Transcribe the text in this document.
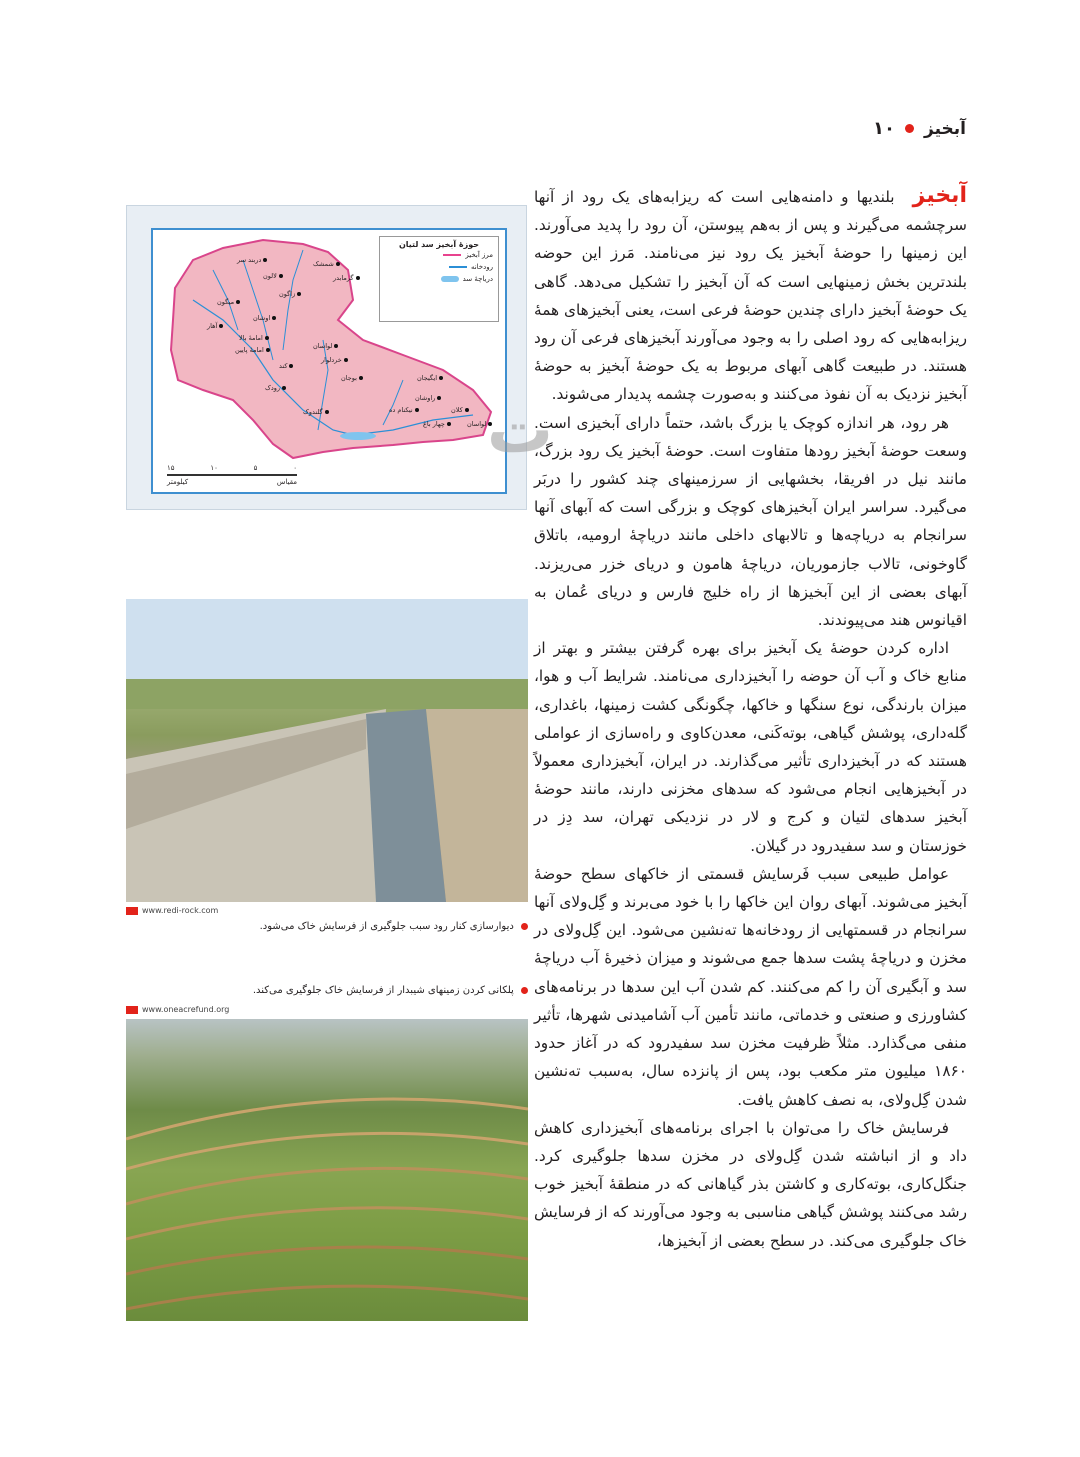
آبخیز
۱۰

آبخیز بلندیها و دامنه‌هایی است که ریزابه‌های یک رود از آنها سرچشمه می‌گیرند و پس از به‌هم پیوستن، آن رود را پدید می‌آورند. این زمینها را حوضهٔ آبخیز یک رود نیز می‌نامند. مَرز این حوضه بلندترین بخش زمینهایی است که آن آبخیز را تشکیل می‌دهد. گاهی یک حوضهٔ آبخیز دارای چندین حوضهٔ فرعی است، یعنی آبخیزهای همهٔ ریزابه‌هایی که رود اصلی را به وجود می‌آورند آبخیزهای فرعی آن رود هستند. در طبیعت گاهی آبهای مربوط به یک حوضهٔ آبخیز به حوضهٔ آبخیز نزدیک به آن نفوذ می‌کنند و به‌صورت چشمه پدیدار می‌شوند.

هر رود، هر اندازه کوچک یا بزرگ باشد، حتماً دارای آبخیزی است. وسعت حوضهٔ آبخیز رودها متفاوت است. حوضهٔ آبخیز یک رود بزرگ، مانند نیل در افریقا، بخشهایی از سرزمینهای چند کشور را دربَر می‌گیرد. سراسر ایران آبخیزهای کوچک و بزرگی است که آبهای آنها سرانجام به دریاچه‌ها و تالابهای داخلی مانند دریاچهٔ ارومیه، باتلاق گاوخونی، تالاب جازموریان، دریاچهٔ هامون و دریای خزر می‌ریزند. آبهای بعضی از این آبخیزها از راه خلیج فارس و دریای عُمان به اقیانوس هند می‌پیوندند.

اداره کردن حوضهٔ یک آبخیز برای بهره گرفتن بیشتر و بهتر از منابع خاک و آب آن حوضه را آبخیزداری می‌نامند. شرایط آب و هوا، میزان بارندگی، نوع سنگها و خاکها، چگونگی کشت زمینها، باغداری، گله‌داری، پوشش گیاهی، بوته‌کَنی، معدن‌کاوی و راه‌سازی از عواملی هستند که در آبخیزداری تأثیر می‌گذارند. در ایران، آبخیزداری معمولاً در آبخیزهایی انجام می‌شود که سدهای مخزنی دارند، مانند حوضهٔ آبخیز سدهای لتیان و کرج و لار در نزدیکی تهران، سد دِز در خوزستان و سد سفیدرود در گیلان.

عوامل طبیعی سبب فَرسایش قسمتی از خاکهای سطح حوضهٔ آبخیز می‌شوند. آبهای روان این خاکها را با خود می‌برند و گِل‌ولای آنها سرانجام در قسمتهایی از رودخانه‌ها ته‌نشین می‌شود. این گِل‌ولای در مخزن و دریاچهٔ پشت سدها جمع می‌شوند و میزان ذخیرهٔ آب دریاچهٔ سد و آبگیری آن را کم می‌کنند. کم شدن آب این سدها در برنامه‌های کشاورزی و صنعتی و خدماتی، مانند تأمین آب آشامیدنی شهرها، تأثیر منفی می‌گذارد. مثلاً ظرفیت مخزن سد سفیدرود که در آغاز حدود ۱۸۶۰ میلیون متر مکعب بود، پس از پانزده سال، به‌سبب ته‌نشین شدن گِل‌ولای، به نصف کاهش یافت.

فرسایش خاک را می‌توان با اجرای برنامه‌های آبخیزداری کاهش داد و از انباشته شدن گِل‌ولای در مخزن سدها جلوگیری کرد. جنگل‌کاری، بوته‌کاری و کاشتن بذر گیاهانی که در منطقهٔ آبخیز خوب رشد می‌کنند پوشش گیاهی مناسبی به وجود می‌آورند که از فرسایش خاک جلوگیری می‌کند. در سطح بعضی از آبخیزها،

حوزهٔ آبخیز سد لتیان
مرز آبخیز
رودخانه
دریاچهٔ سد
دربند سر	شمشک
لالون	گرمابدر
میگون
زاگون
اوشان
آهار
امامهٔ بالا
امامهٔ پایین	لواسان
خرد‌لوار
بوجان
رودک
گلندوک
کند
ایگیجان
نیکنام ده	کلان
چهار باغ
راوشان
لواسان
۰
۵
۱۰
۱۵
کیلومتر	مقیاس
ت
www.redi-rock.com
دیوارسازی کنار رود سبب جلوگیری از فرسایش خاک می‌شود.
پلکانی کردن زمینهای شیبدار از فرسایش خاک جلوگیری می‌کند.
www.oneacrefund.org
